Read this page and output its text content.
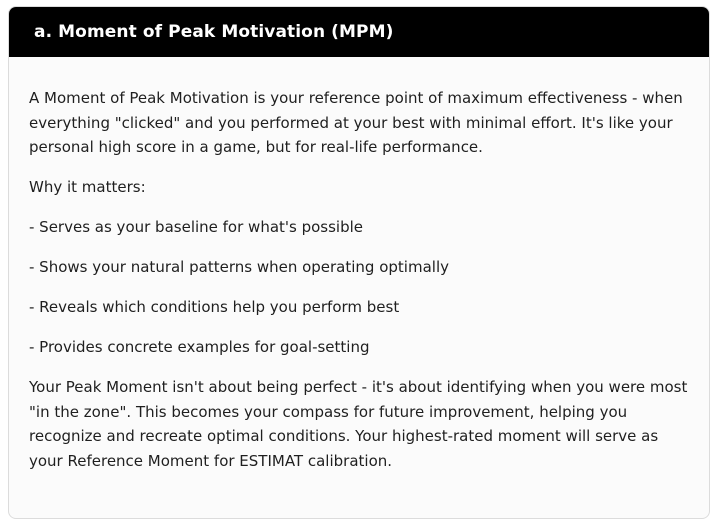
a. Moment of Peak Motivation (MPM)

A Moment of Peak Motivation is your reference point of maximum effectiveness - when everything "clicked" and you performed at your best with minimal effort. It's like your personal high score in a game, but for real-life performance.

Why it matters:

- Serves as your baseline for what's possible

- Shows your natural patterns when operating optimally

- Reveals which conditions help you perform best

- Provides concrete examples for goal-setting

Your Peak Moment isn't about being perfect - it's about identifying when you were most "in the zone". This becomes your compass for future improvement, helping you recognize and recreate optimal conditions. Your highest-rated moment will serve as your Reference Moment for ESTIMAT calibration.
